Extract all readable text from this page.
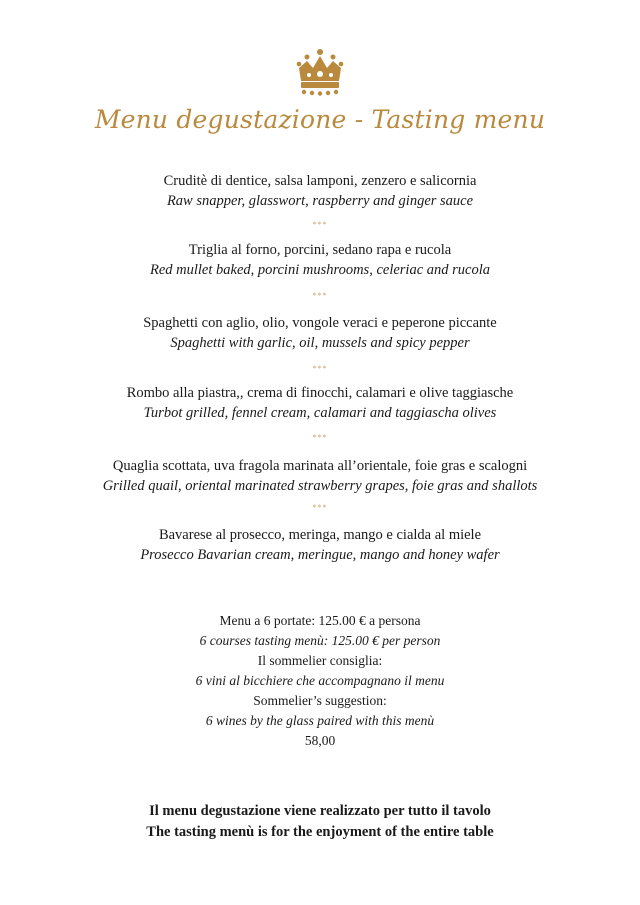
Menu degustazione - Tasting menu
Cruditè di dentice, salsa lamponi, zenzero e salicornia
Raw snapper, glasswort, raspberry and ginger sauce
***
Triglia al forno, porcini, sedano rapa e rucola
Red mullet baked, porcini mushrooms, celeriac and rucola
***
Spaghetti con aglio, olio, vongole veraci e peperone piccante
Spaghetti with garlic, oil, mussels and spicy pepper
***
Rombo alla piastra,, crema di finocchi, calamari e olive taggiasche
Turbot grilled, fennel cream, calamari and taggiascha olives
***
Quaglia scottata, uva fragola marinata all’orientale, foie gras e scalogni
Grilled quail, oriental marinated strawberry grapes, foie gras and shallots
***
Bavarese al prosecco, meringa, mango e cialda al miele
Prosecco Bavarian cream, meringue, mango and honey wafer
Menu a 6 portate: 125.00 € a persona
6 courses tasting menù: 125.00 € per person
Il sommelier consiglia:
6 vini al bicchiere che accompagnano il menu
Sommelier’s suggestion:
6 wines by the glass paired with this menù
58,00
Il menu degustazione viene realizzato per tutto il tavolo
The tasting menù is for the enjoyment of the entire table
